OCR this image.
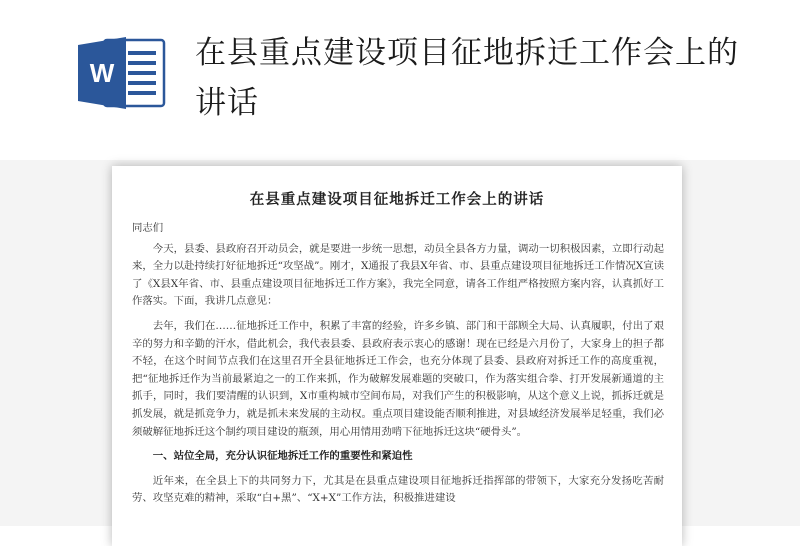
W
在县重点建设项目征地拆迁工作会上的讲话
在县重点建设项目征地拆迁工作会上的讲话

同志们

今天，县委、县政府召开动员会，就是要进一步统一思想，动员全县各方力量，调动一切积极因素，立即行动起来，全力以赴持续打好征地拆迁“攻坚战”。刚才，X通报了我县X年省、市、县重点建设项目征地拆迁工作情况X宣读了《X县X年省、市、县重点建设项目征地拆迁工作方案》，我完全同意，请各工作组严格按照方案内容，认真抓好工作落实。下面，我讲几点意见：

去年，我们在……征地拆迁工作中，积累了丰富的经验，许多乡镇、部门和干部顾全大局、认真履职，付出了艰辛的努力和辛勤的汗水，借此机会，我代表县委、县政府表示衷心的感谢！现在已经是六月份了，大家身上的担子都不轻，在这个时间节点我们在这里召开全县征地拆迁工作会，也充分体现了县委、县政府对拆迁工作的高度重视，把“征地拆迁作为当前最紧迫之一的工作来抓，作为破解发展难题的突破口，作为落实组合拳、打开发展新通道的主抓手，同时，我们要清醒的认识到，X市重构城市空间布局，对我们产生的积极影响，从这个意义上说，抓拆迁就是抓发展，就是抓竞争力，就是抓未来发展的主动权。重点项目建设能否顺利推进，对县域经济发展举足轻重，我们必须破解征地拆迁这个制约项目建设的瓶颈，用心用情用劲啃下征地拆迁这块“硬骨头”。

一、站位全局，充分认识征地拆迁工作的重要性和紧迫性

近年来，在全县上下的共同努力下，尤其是在县重点建设项目征地拆迁指挥部的带领下，大家充分发扬吃苦耐劳、攻坚克难的精神，采取“白+黑”、“X+X”工作方法，积极推进建设
